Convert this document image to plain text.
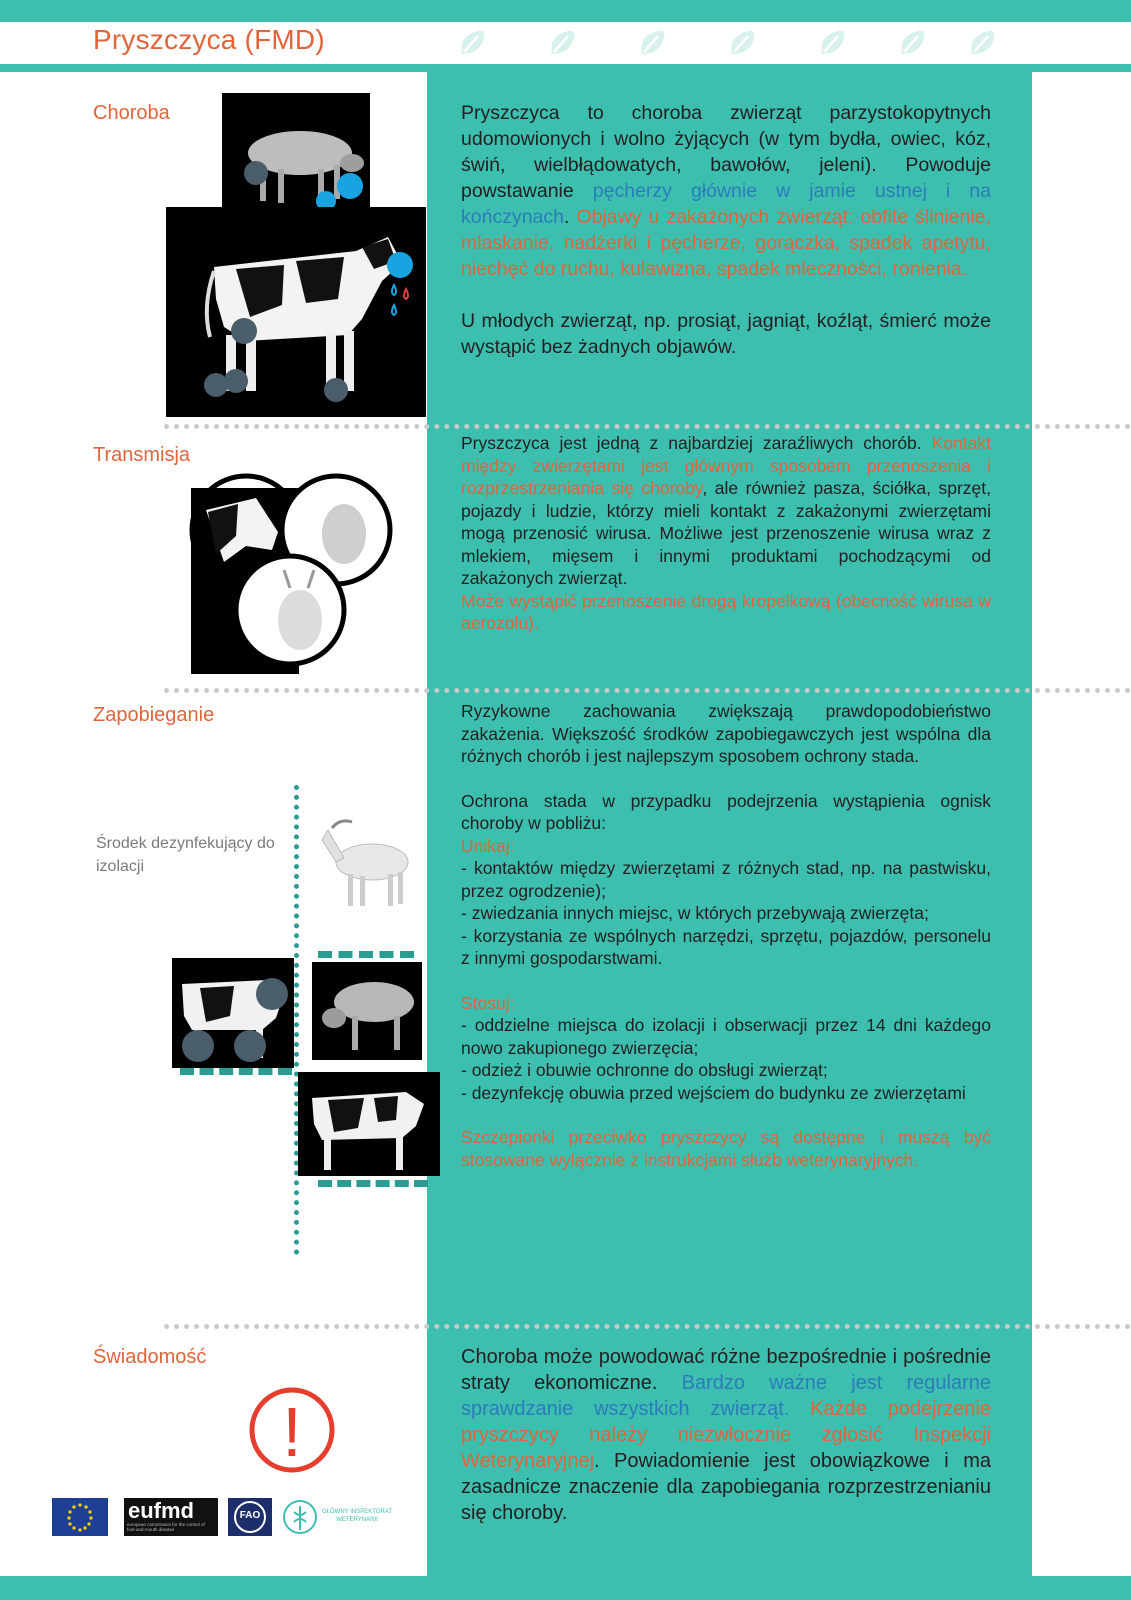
Pryszczyca (FMD)
Choroba	Pryszczyca to choroba zwierząt parzystokopytnych udomowionych i wolno żyjących (w tym bydła, owiec, kóz, świń, wielbłądowatych, bawołów, jeleni). Powoduje powstawanie pęcherzy głównie w jamie ustnej i na kończynach. Objawy u zakażonych zwierząt: obfite ślinienie, mlaskanie, nadżerki i pęcherze, gorączka, spadek apetytu, niechęć do ruchu, kulawizna, spadek mleczności, ronienia.

U młodych zwierząt, np. prosiąt, jagniąt, koźląt, śmierć może wystąpić bez żadnych objawów.

Transmisja

Pryszczyca jest jedną z najbardziej zaraźliwych chorób. Kontakt między zwierzętami jest głównym sposobem przenoszenia i rozprzestrzeniania się choroby, ale również pasza, ściółka, sprzęt, pojazdy i ludzie, którzy mieli kontakt z zakażonymi zwierzętami mogą przenosić wirusa. Możliwe jest przenoszenie wirusa wraz z mlekiem, mięsem i innymi produktami pochodzącymi od zakażonych zwierząt.

Może wystąpić przenoszenie drogą kropelkową (obecność wirusa w aerozolu).

Zapobieganie
Środek dezynfekujący do izolacji

Ryzykowne zachowania zwiększają prawdopodobieństwo zakażenia. Większość środków zapobiegawczych jest wspólna dla różnych chorób i jest najlepszym sposobem ochrony stada.

Ochrona stada w przypadku podejrzenia wystąpienia ognisk choroby w pobliżu:

Unikaj:

- kontaktów między zwierzętami z różnych stad, np. na pastwisku, przez ogrodzenie);

- zwiedzania innych miejsc, w których przebywają zwierzęta;

- korzystania ze wspólnych narzędzi, sprzętu, pojazdów, personelu z innymi gospodarstwami.

Stosuj:

- oddzielne miejsca do izolacji i obserwacji przez 14 dni każdego nowo zakupionego zwierzęcia;

- odzież i obuwie ochronne do obsługi zwierząt;

- dezynfekcję obuwia przed wejściem do budynku ze zwierzętami

Szczepionki przeciwko pryszczycy są dostępne i muszą być stosowane wyłącznie z instrukcjami służb weterynaryjnych.

Świadomość
!

Choroba może powodować różne bezpośrednie i pośrednie straty ekonomiczne. Bardzo ważne jest regularne sprawdzanie wszystkich zwierząt. Każde podejrzenie pryszczycy należy niezwłocznie zgłosić Inspekcji Weterynaryjnej. Powiadomienie jest obowiązkowe i ma zasadnicze znaczenie dla zapobiegania rozprzestrzenianiu się choroby.

eufmd
european commission for the control of foot-and-mouth disease
FAO	GŁÓWNY INSPEKTORAT
WETERYNARII
